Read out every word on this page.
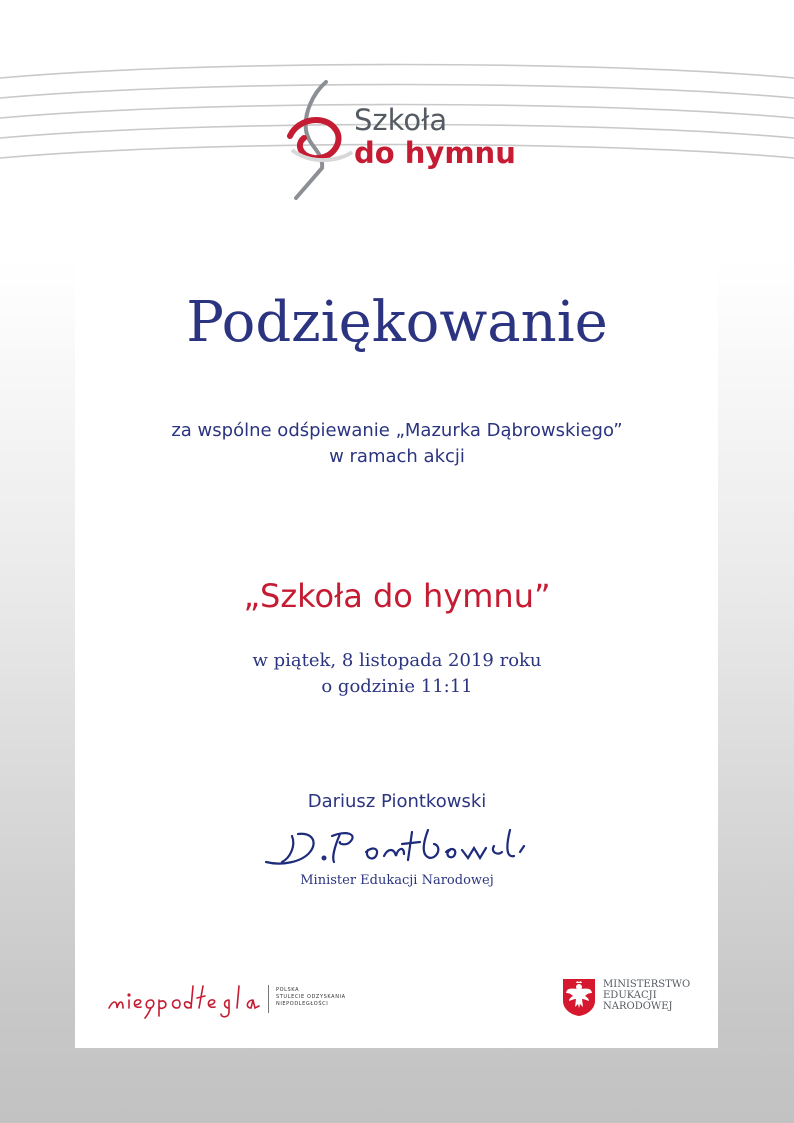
Szkoła
do hymnu
Podziękowanie
za wspólne odśpiewanie „Mazurka Dąbrowskiego”
w ramach akcji
„Szkoła do hymnu”
w piątek, 8 listopada 2019 roku
o godzinie 11:11
Dariusz Piontkowski
Minister Edukacji Narodowej
POLSKA
STULECIE ODZYSKANIA
NIEPODLEGŁOŚCI
MINISTERSTWO
EDUKACJI
NARODOWEJ
